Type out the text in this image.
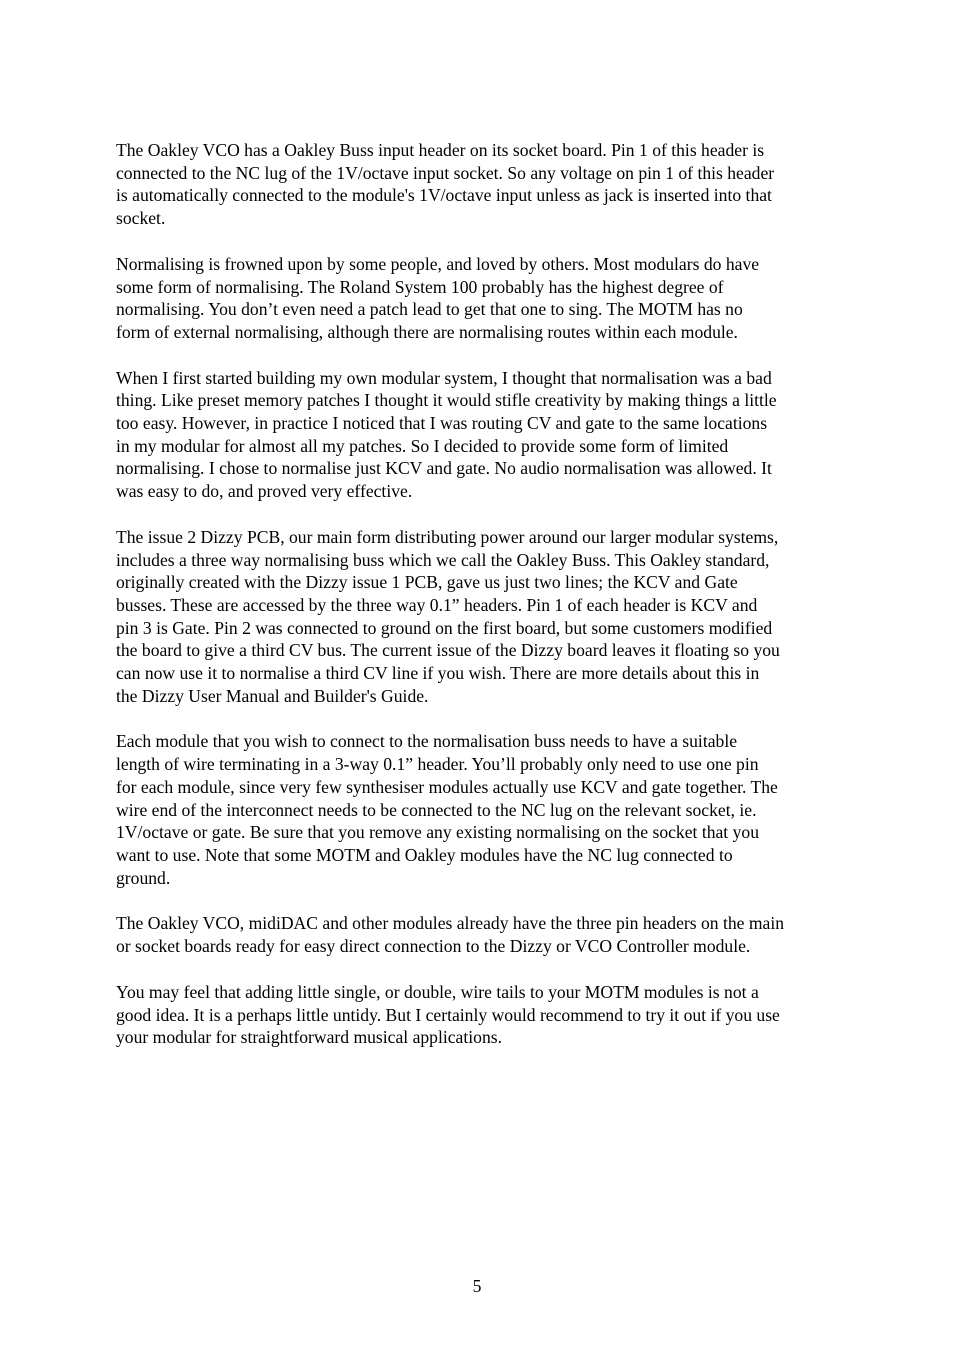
The Oakley VCO has a Oakley Buss input header on its socket board. Pin 1 of this header is
connected to the NC lug of the 1V/octave input socket. So any voltage on pin 1 of this header
is automatically connected to the module's 1V/octave input unless as jack is inserted into that
socket.

Normalising is frowned upon by some people, and loved by others. Most modulars do have
some form of normalising. The Roland System 100 probably has the highest degree of
normalising. You don’t even need a patch lead to get that one to sing. The MOTM has no
form of external normalising, although there are normalising routes within each module.

When I first started building my own modular system, I thought that normalisation was a bad
thing. Like preset memory patches I thought it would stifle creativity by making things a little
too easy. However, in practice I noticed that I was routing CV and gate to the same locations
in my modular for almost all my patches. So I decided to provide some form of limited
normalising. I chose to normalise just KCV and gate. No audio normalisation was allowed. It
was easy to do, and proved very effective.

The issue 2 Dizzy PCB, our main form distributing power around our larger modular systems,
includes a three way normalising buss which we call the Oakley Buss. This Oakley standard,
originally created with the Dizzy issue 1 PCB, gave us just two lines; the KCV and Gate
busses. These are accessed by the three way 0.1” headers. Pin 1 of each header is KCV and
pin 3 is Gate. Pin 2 was connected to ground on the first board, but some customers modified
the board to give a third CV bus. The current issue of the Dizzy board leaves it floating so you
can now use it to normalise a third CV line if you wish. There are more details about this in
the Dizzy User Manual and Builder's Guide.

Each module that you wish to connect to the normalisation buss needs to have a suitable
length of wire terminating in a 3-way 0.1” header. You’ll probably only need to use one pin
for each module, since very few synthesiser modules actually use KCV and gate together. The
wire end of the interconnect needs to be connected to the NC lug on the relevant socket, ie.
1V/octave or gate. Be sure that you remove any existing normalising on the socket that you
want to use. Note that some MOTM and Oakley modules have the NC lug connected to
ground.

The Oakley VCO, midiDAC and other modules already have the three pin headers on the main
or socket boards ready for easy direct connection to the Dizzy or VCO Controller module.

You may feel that adding little single, or double, wire tails to your MOTM modules is not a
good idea. It is a perhaps little untidy. But I certainly would recommend to try it out if you use
your modular for straightforward musical applications.

5
